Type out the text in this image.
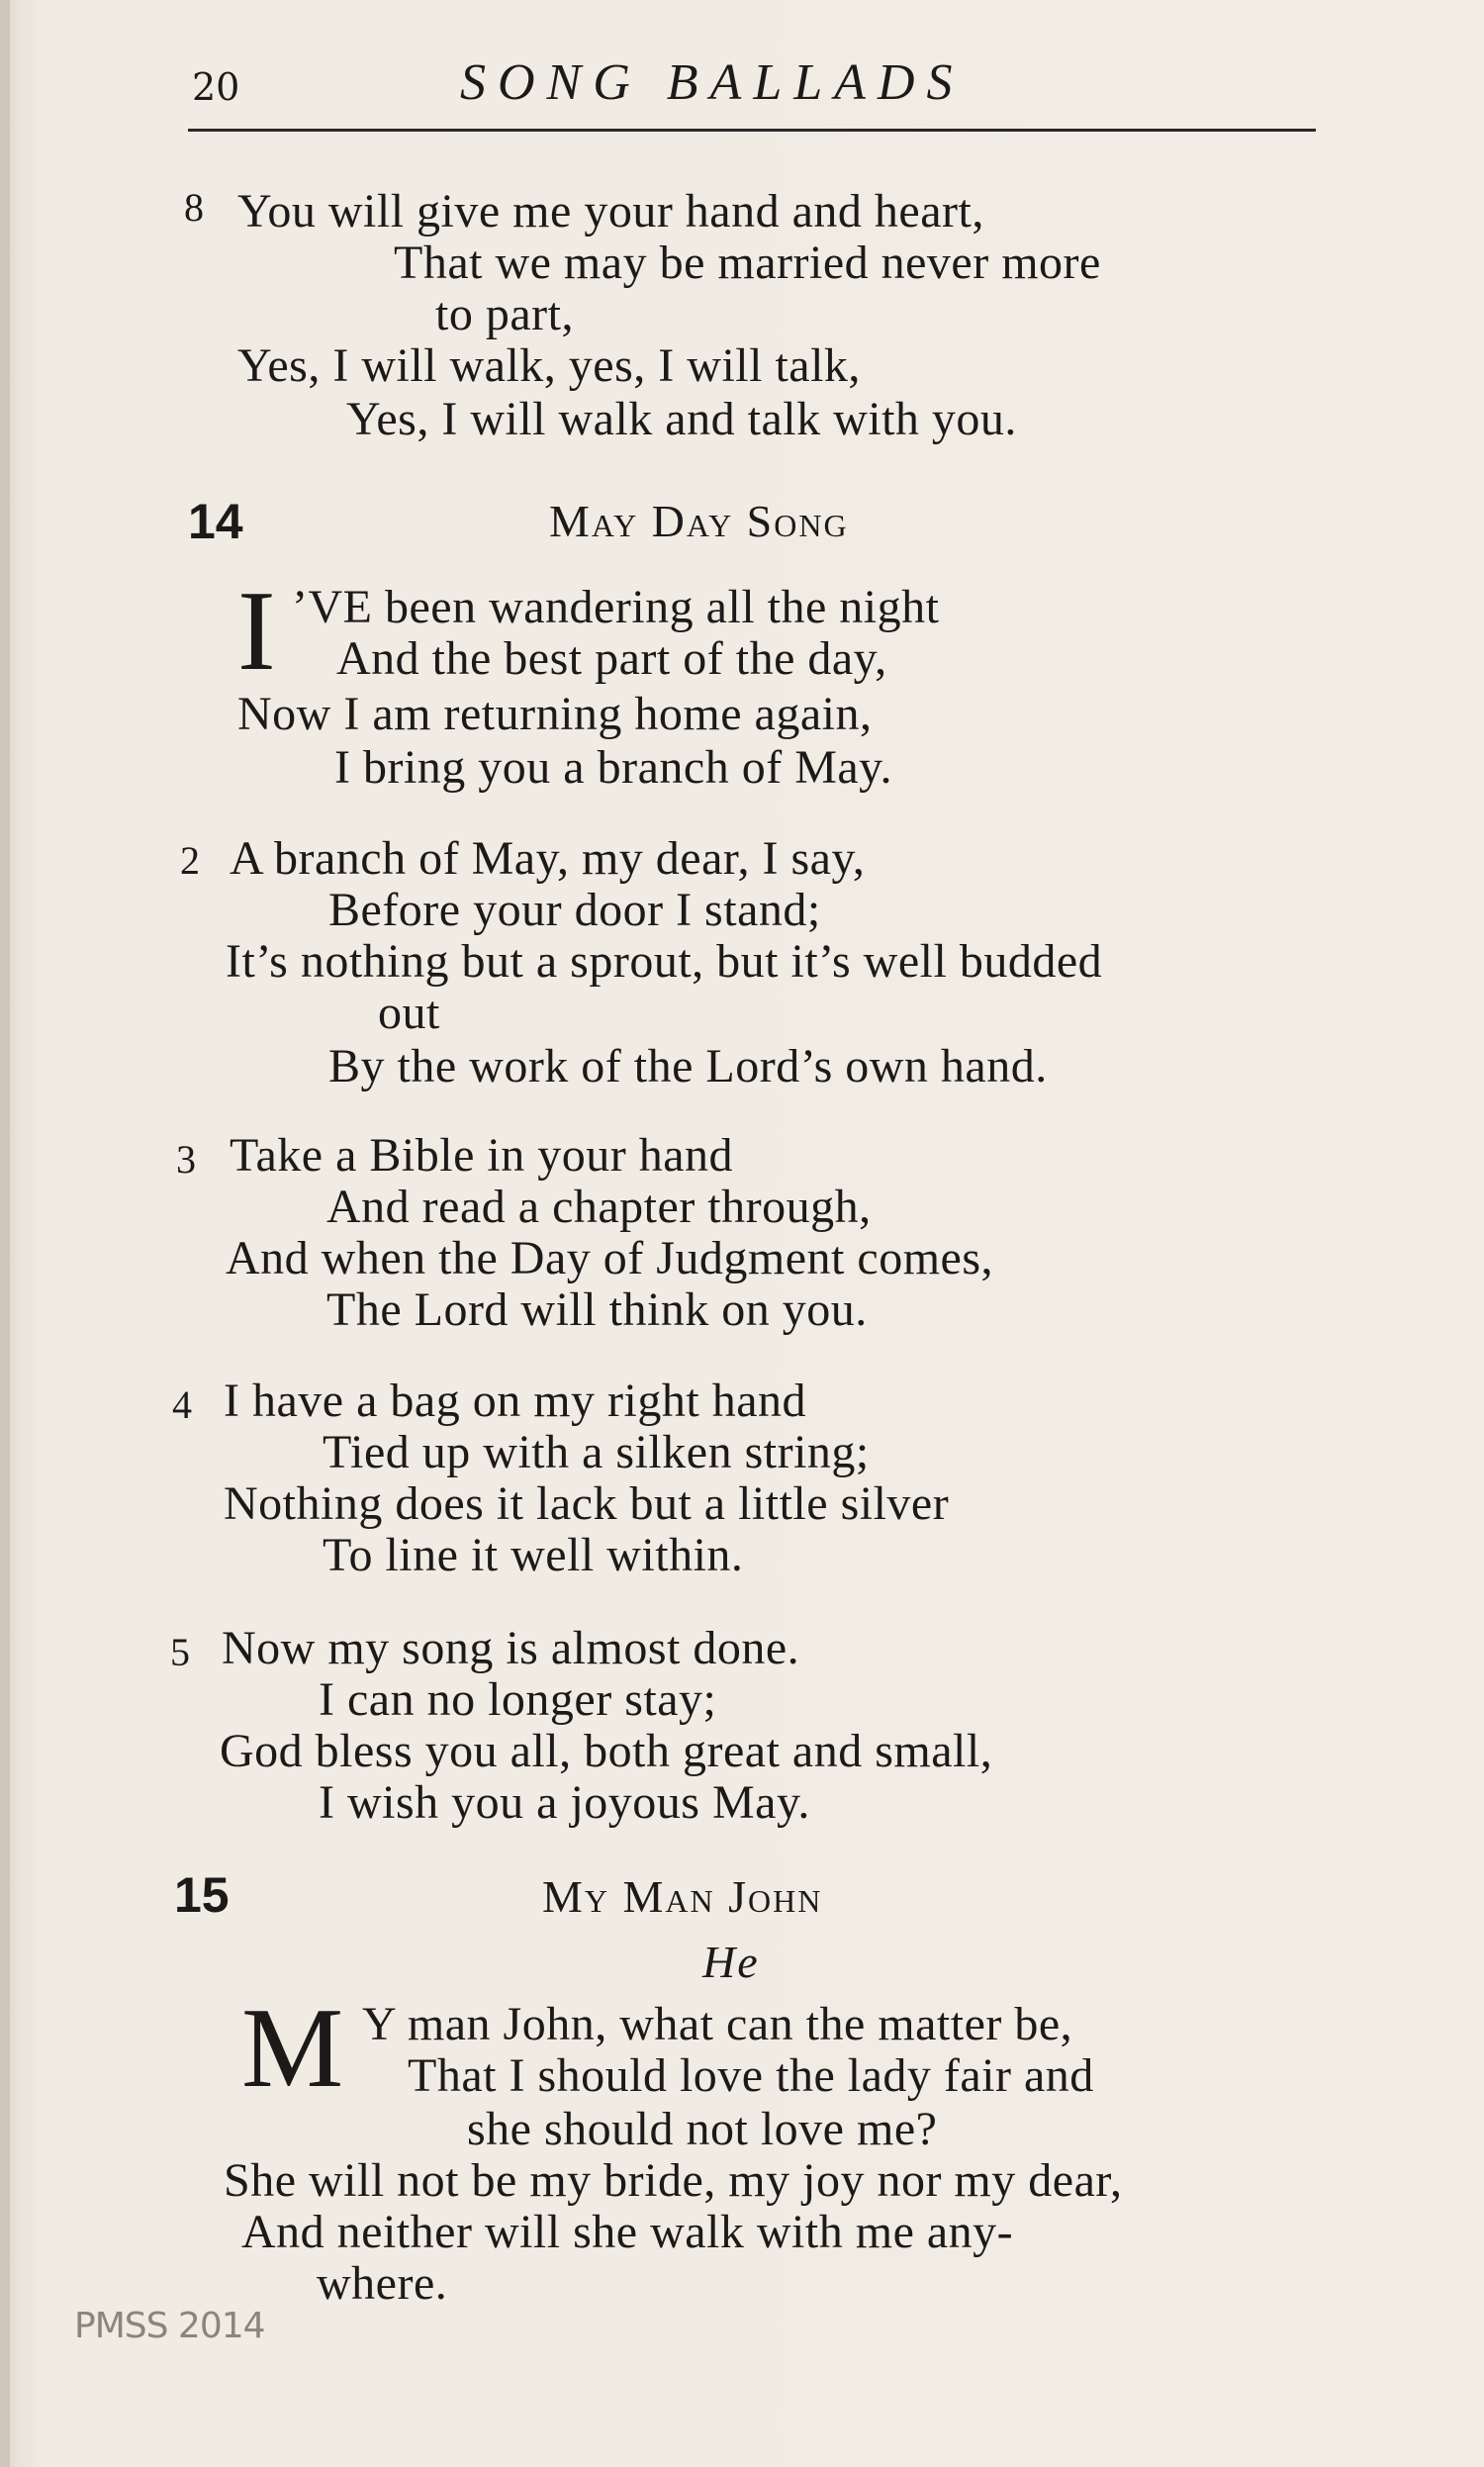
20	SONG BALLADS
8 You will give me your hand and heart,
That we may be married never more
to part,
Yes, I will walk, yes, I will talk,
Yes, I will walk and talk with you.
14	May Day Song
I ’VE been wandering all the night
And the best part of the day,
Now I am returning home again,
I bring you a branch of May.
2 A branch of May, my dear, I say,
Before your door I stand;
It’s nothing but a sprout, but it’s well budded
out
By the work of the Lord’s own hand.
3 Take a Bible in your hand
And read a chapter through,
And when the Day of Judgment comes,
The Lord will think on you.
4 I have a bag on my right hand
Tied up with a silken string;
Nothing does it lack but a little silver
To line it well within.
5 Now my song is almost done.
I can no longer stay;
God bless you all, both great and small,
I wish you a joyous May.
15	My Man John
He
M Y man John, what can the matter be,
That I should love the lady fair and
she should not love me?
She will not be my bride, my joy nor my dear,
And neither will she walk with me any-
where.
PMSS 2014
